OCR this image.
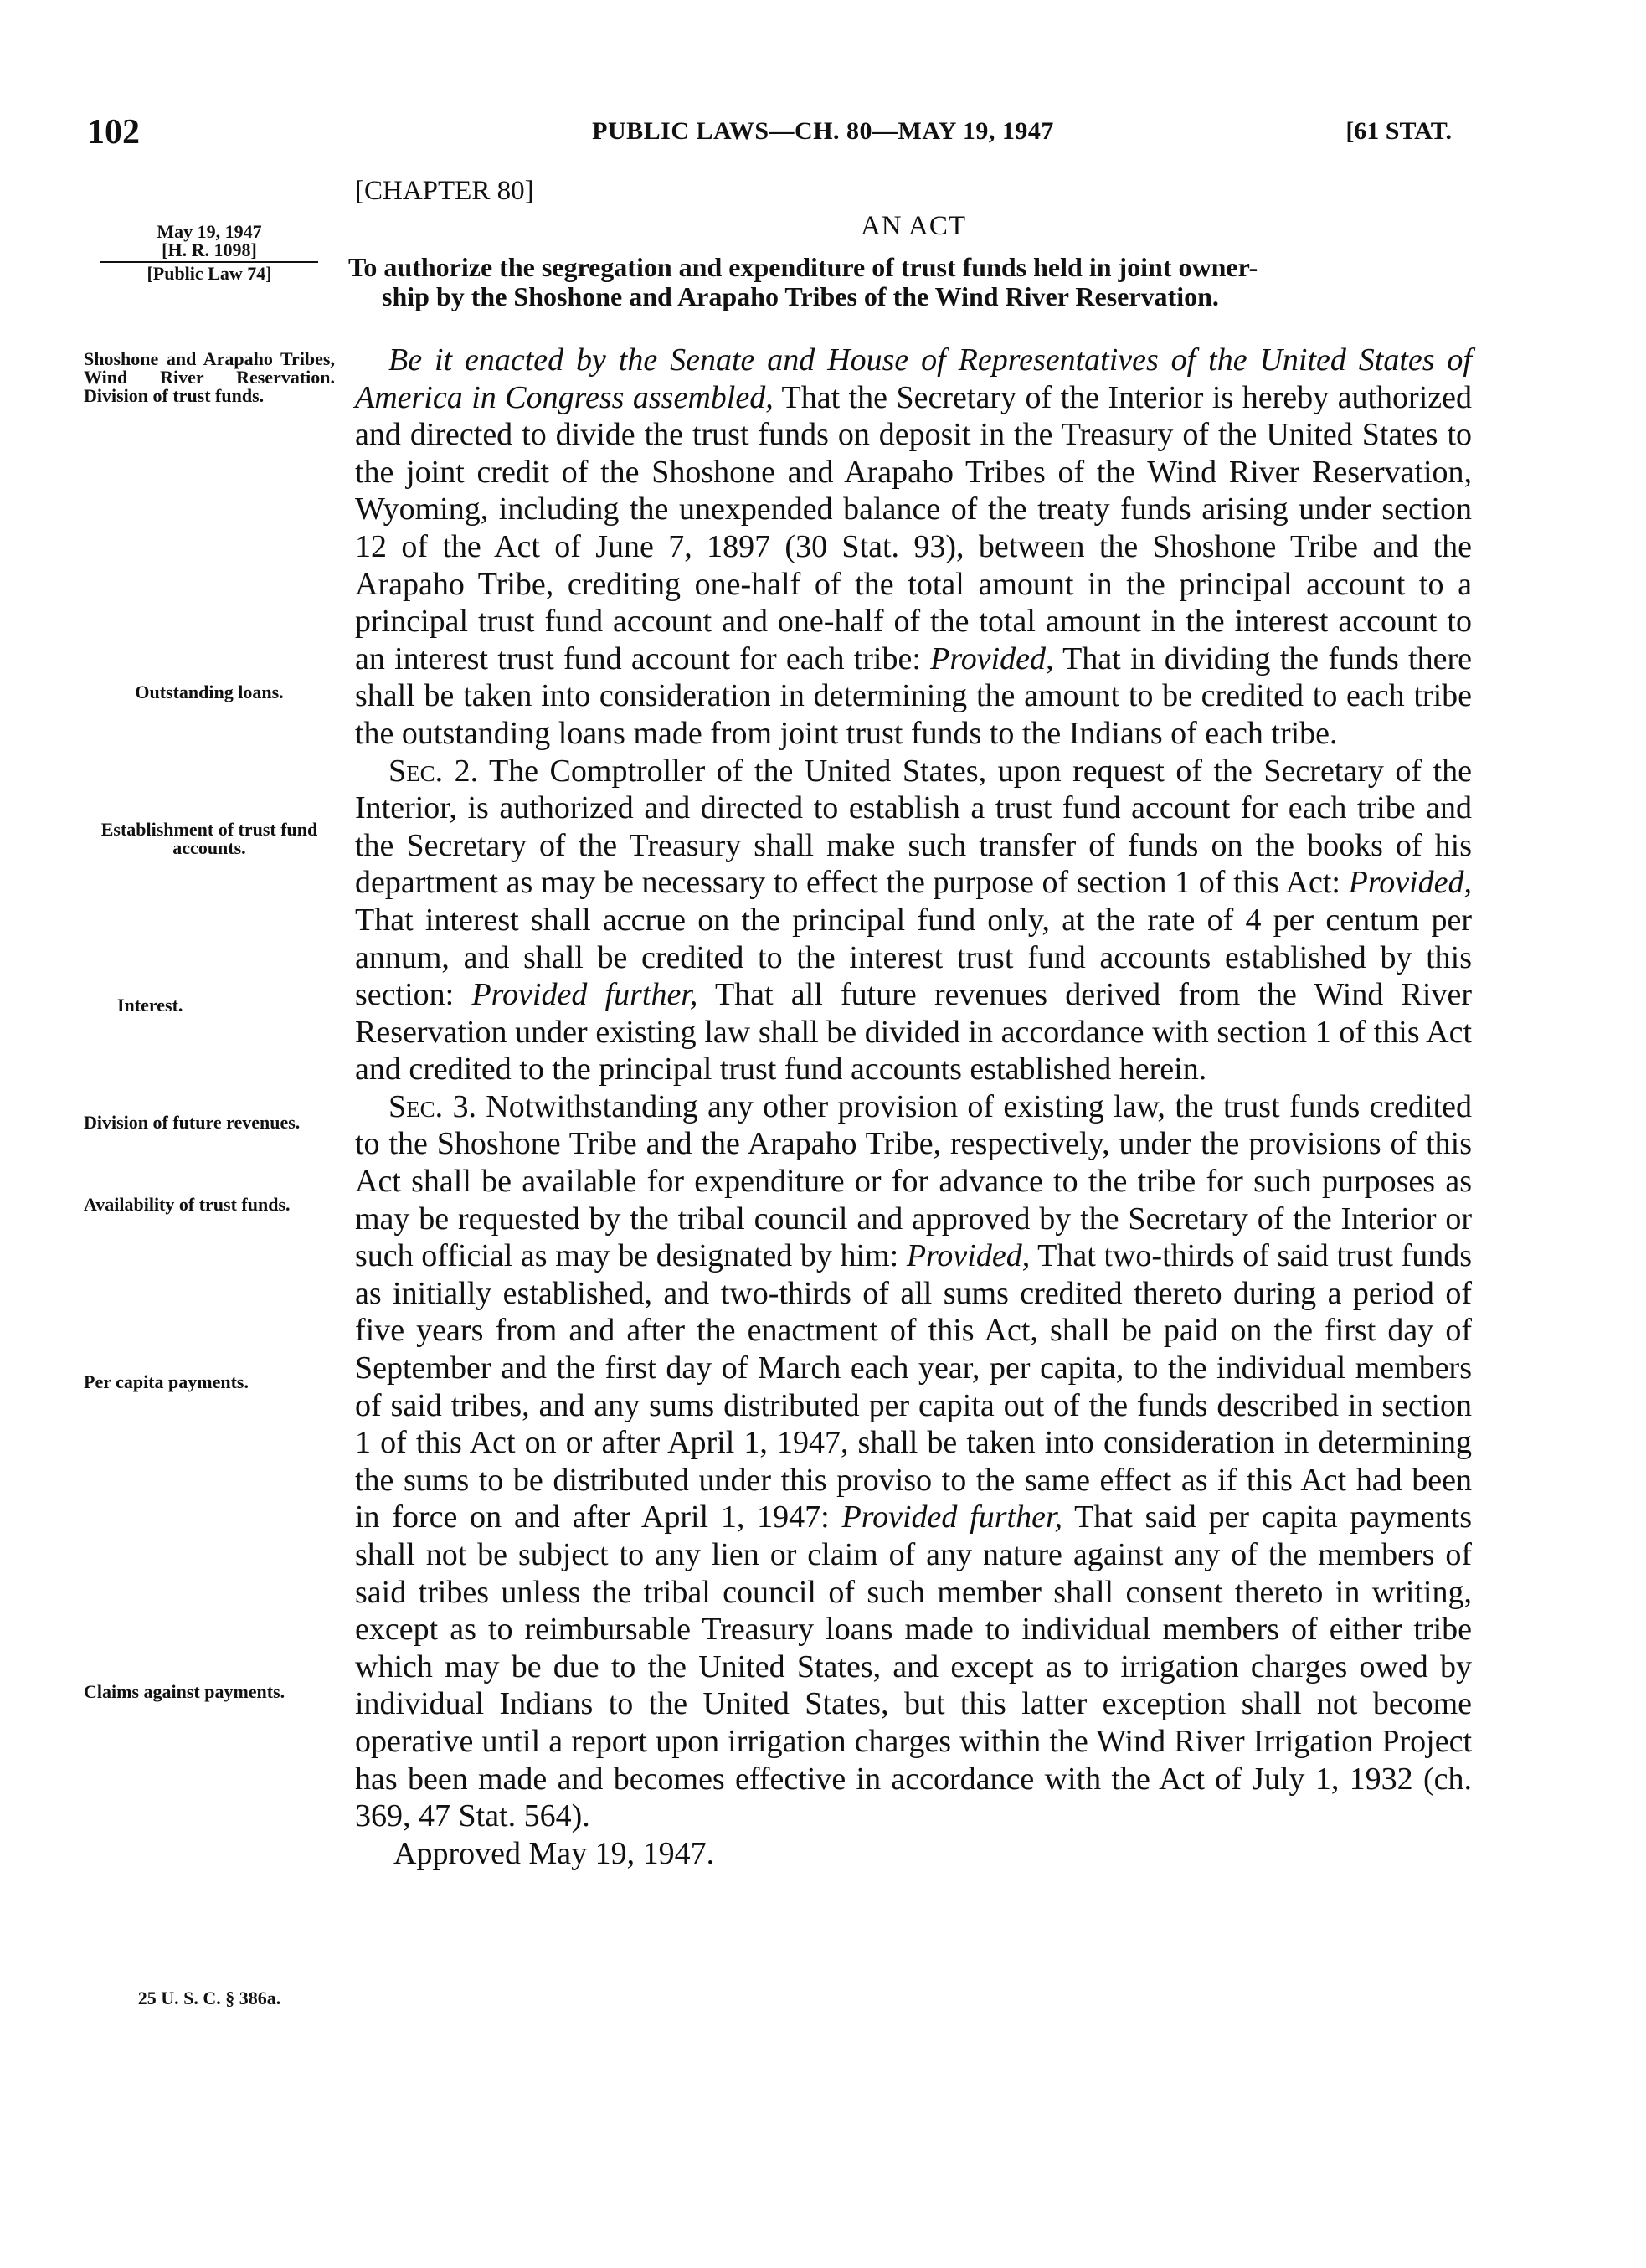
102	PUBLIC LAWS—CH. 80—MAY 19, 1947	[61 STAT.
[CHAPTER 80]
AN ACT
To authorize the segregation and expenditure of trust funds held in joint owner-
ship by the Shoshone and Arapaho Tribes of the Wind River Reservation.
May 19, 1947
[H. R. 1098]
[Public Law 74]
Shoshone and Arapaho Tribes, Wind River Reservation. Division of trust funds.
Outstanding loans.
Establishment of trust fund accounts.
Interest.
Division of future revenues.
Availability of trust funds.
Per capita payments.
Claims against payments.
25 U. S. C. § 386a.

Be it enacted by the Senate and House of Representatives of the United States of America in Congress assembled, That the Secretary of the Interior is hereby authorized and directed to divide the trust funds on deposit in the Treasury of the United States to the joint credit of the Shoshone and Arapaho Tribes of the Wind River Reservation, Wyoming, including the unexpended balance of the treaty funds arising under section 12 of the Act of June 7, 1897 (30 Stat. 93), between the Shoshone Tribe and the Arapaho Tribe, crediting one-half of the total amount in the principal account to a principal trust fund account and one-half of the total amount in the interest account to an interest trust fund account for each tribe: Provided, That in dividing the funds there shall be taken into consideration in determining the amount to be credited to each tribe the outstanding loans made from joint trust funds to the Indians of each tribe.

Sec. 2. The Comptroller of the United States, upon request of the Secretary of the Interior, is authorized and directed to establish a trust fund account for each tribe and the Secretary of the Treasury shall make such transfer of funds on the books of his department as may be necessary to effect the purpose of section 1 of this Act: Provided, That interest shall accrue on the principal fund only, at the rate of 4 per centum per annum, and shall be credited to the interest trust fund accounts established by this section: Provided further, That all future revenues derived from the Wind River Reservation under existing law shall be divided in accordance with section 1 of this Act and credited to the principal trust fund accounts established herein.

Sec. 3. Notwithstanding any other provision of existing law, the trust funds credited to the Shoshone Tribe and the Arapaho Tribe, respectively, under the provisions of this Act shall be available for expenditure or for advance to the tribe for such purposes as may be requested by the tribal council and approved by the Secretary of the Interior or such official as may be designated by him: Provided, That two-thirds of said trust funds as initially established, and two-thirds of all sums credited thereto during a period of five years from and after the enactment of this Act, shall be paid on the first day of September and the first day of March each year, per capita, to the individual members of said tribes, and any sums distributed per capita out of the funds described in section 1 of this Act on or after April 1, 1947, shall be taken into consideration in determining the sums to be distributed under this proviso to the same effect as if this Act had been in force on and after April 1, 1947: Provided further, That said per capita payments shall not be subject to any lien or claim of any nature against any of the members of said tribes unless the tribal council of such member shall consent thereto in writing, except as to reimbursable Treasury loans made to individual members of either tribe which may be due to the United States, and except as to irrigation charges owed by individual Indians to the United States, but this latter exception shall not become operative until a report upon irrigation charges within the Wind River Irrigation Project has been made and becomes effective in accordance with the Act of July 1, 1932 (ch. 369, 47 Stat. 564).

Approved May 19, 1947.
